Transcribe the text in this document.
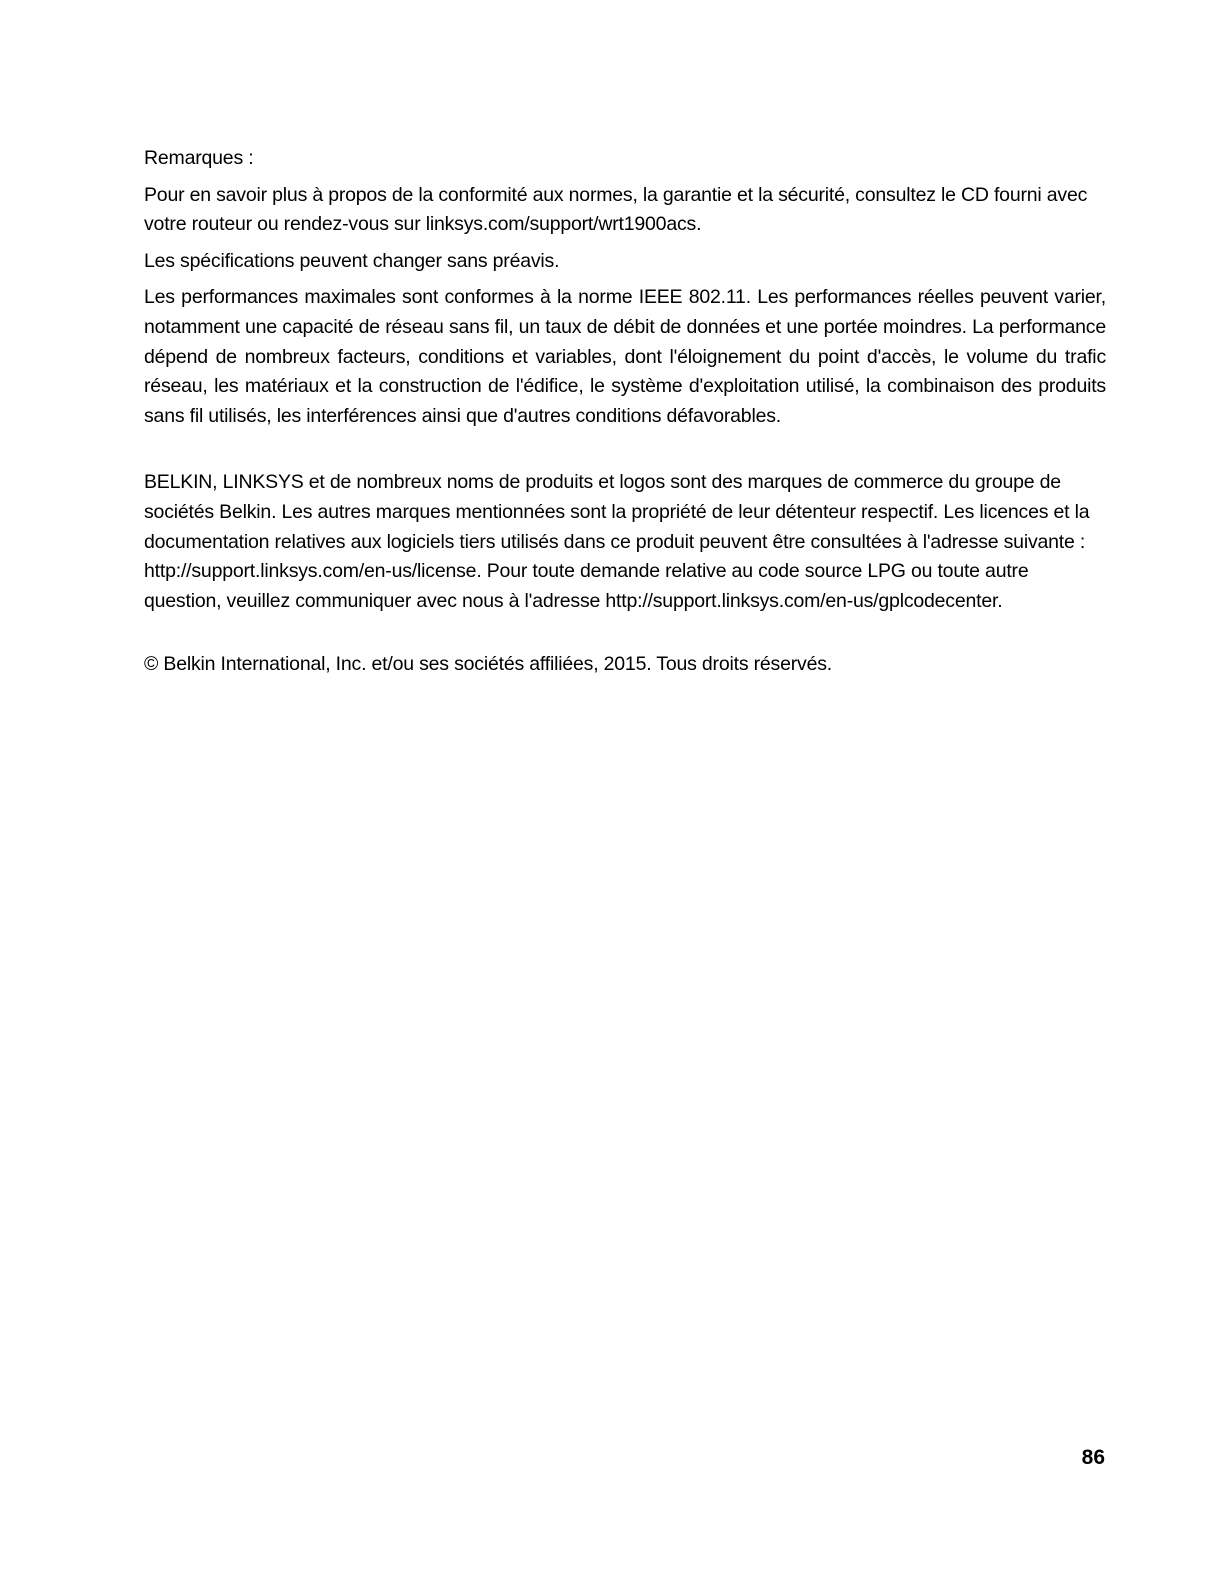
Remarques :

Pour en savoir plus à propos de la conformité aux normes, la garantie et la sécurité, consultez le CD fourni avec votre routeur ou rendez-vous sur linksys.com/support/wrt1900acs.

Les spécifications peuvent changer sans préavis.

Les performances maximales sont conformes à la norme IEEE 802.11. Les performances réelles peuvent varier, notamment une capacité de réseau sans fil, un taux de débit de données et une portée moindres. La performance dépend de nombreux facteurs, conditions et variables, dont l'éloignement du point d'accès, le volume du trafic réseau, les matériaux et la construction de l'édifice, le système d'exploitation utilisé, la combinaison des produits sans fil utilisés, les interférences ainsi que d'autres conditions défavorables.

BELKIN, LINKSYS et de nombreux noms de produits et logos sont des marques de commerce du groupe de sociétés Belkin. Les autres marques mentionnées sont la propriété de leur détenteur respectif. Les licences et la documentation relatives aux logiciels tiers utilisés dans ce produit peuvent être consultées à l'adresse suivante : http://support.linksys.com/en-us/license. Pour toute demande relative au code source LPG ou toute autre question, veuillez communiquer avec nous à l'adresse http://support.linksys.com/en-us/gplcodecenter.

© Belkin International, Inc. et/ou ses sociétés affiliées, 2015. Tous droits réservés.

86
